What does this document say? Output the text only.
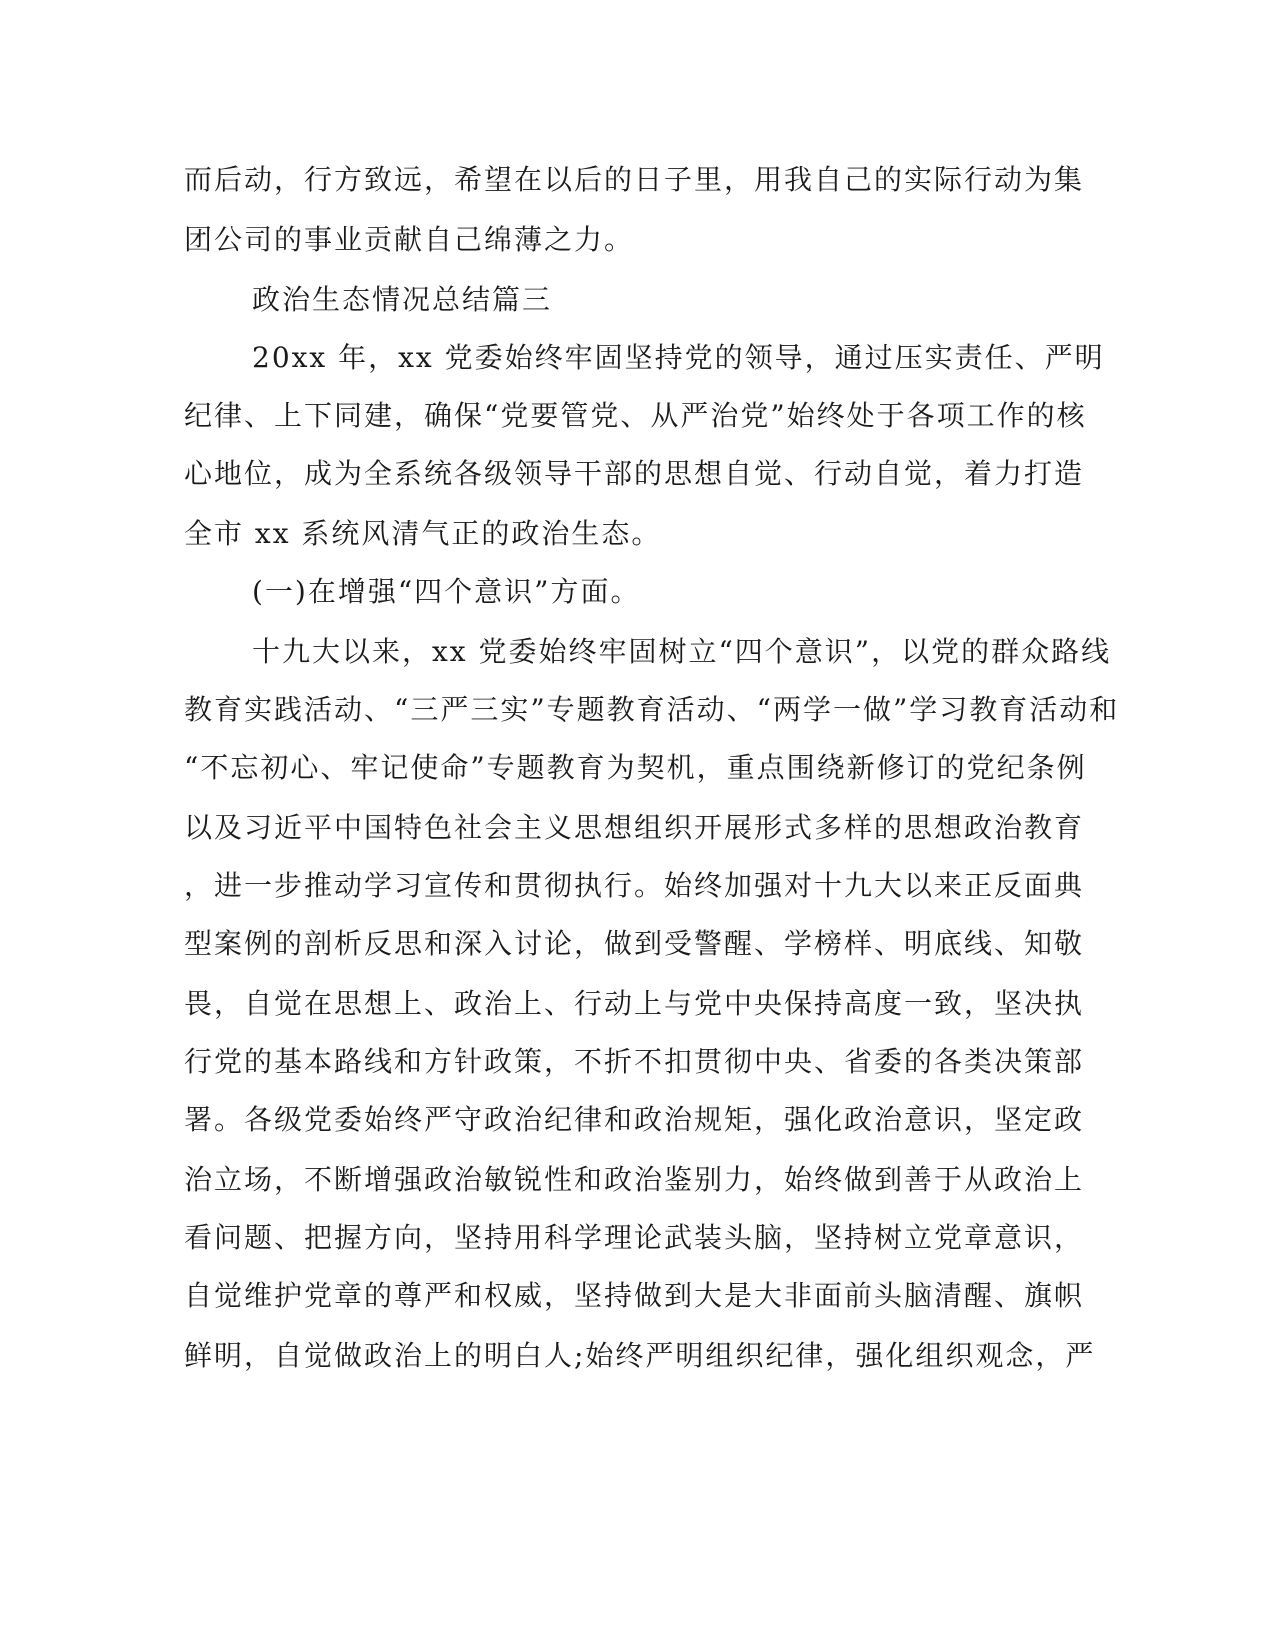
而后动，行方致远，希望在以后的日子里，用我自己的实际行动为集
团公司的事业贡献自己绵薄之力。
政治生态情况总结篇三
20xx 年，xx 党委始终牢固坚持党的领导，通过压实责任、严明
纪律、上下同建，确保“党要管党、从严治党”始终处于各项工作的核
心地位，成为全系统各级领导干部的思想自觉、行动自觉，着力打造
全市 xx 系统风清气正的政治生态。
(一)在增强“四个意识”方面。
十九大以来，xx 党委始终牢固树立“四个意识”，以党的群众路线
教育实践活动、“三严三实”专题教育活动、“两学一做”学习教育活动和
“不忘初心、牢记使命”专题教育为契机，重点围绕新修订的党纪条例
以及习近平中国特色社会主义思想组织开展形式多样的思想政治教育
，进一步推动学习宣传和贯彻执行。始终加强对十九大以来正反面典
型案例的剖析反思和深入讨论，做到受警醒、学榜样、明底线、知敬
畏，自觉在思想上、政治上、行动上与党中央保持高度一致，坚决执
行党的基本路线和方针政策，不折不扣贯彻中央、省委的各类决策部
署。各级党委始终严守政治纪律和政治规矩，强化政治意识，坚定政
治立场，不断增强政治敏锐性和政治鉴别力，始终做到善于从政治上
看问题、把握方向，坚持用科学理论武装头脑，坚持树立党章意识，
自觉维护党章的尊严和权威，坚持做到大是大非面前头脑清醒、旗帜
鲜明，自觉做政治上的明白人;始终严明组织纪律，强化组织观念，严
